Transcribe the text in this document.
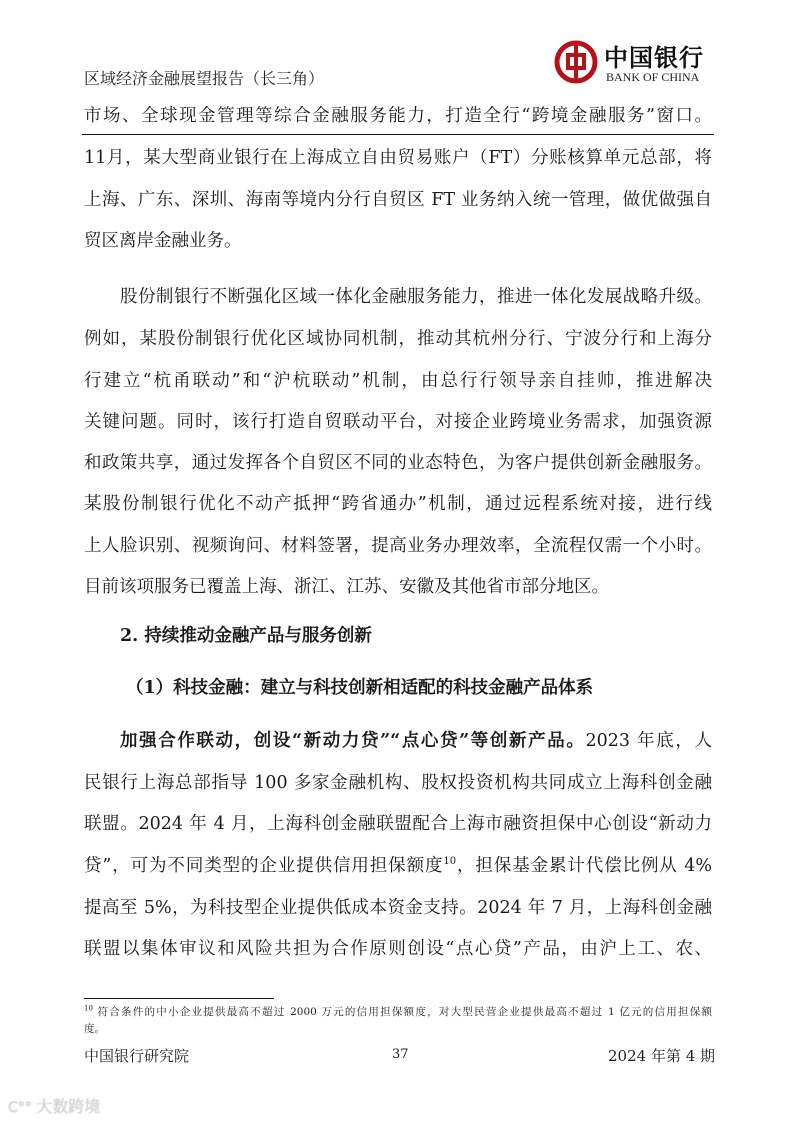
区域经济金融展望报告（长三角）
中国银行
BANK OF CHINA
市场、全球现金管理等综合金融服务能力，打造全行“跨境金融服务”窗口。
11月，某大型商业银行在上海成立自由贸易账户（FT）分账核算单元总部，将
上海、广东、深圳、海南等境内分行自贸区 FT 业务纳入统一管理，做优做强自
贸区离岸金融业务。
股份制银行不断强化区域一体化金融服务能力，推进一体化发展战略升级。
例如，某股份制银行优化区域协同机制，推动其杭州分行、宁波分行和上海分
行建立“杭甬联动”和“沪杭联动”机制，由总行行领导亲自挂帅，推进解决
关键问题。同时，该行打造自贸联动平台，对接企业跨境业务需求，加强资源
和政策共享，通过发挥各个自贸区不同的业态特色，为客户提供创新金融服务。
某股份制银行优化不动产抵押“跨省通办”机制，通过远程系统对接，进行线
上人脸识别、视频询问、材料签署，提高业务办理效率，全流程仅需一个小时。
目前该项服务已覆盖上海、浙江、江苏、安徽及其他省市部分地区。
2. 持续推动金融产品与服务创新
（1）科技金融：建立与科技创新相适配的科技金融产品体系
加强合作联动，创设“新动力贷”“点心贷”等创新产品。2023 年底，人
民银行上海总部指导 100 多家金融机构、股权投资机构共同成立上海科创金融
联盟。2024 年 4 月，上海科创金融联盟配合上海市融资担保中心创设“新动力
贷”，可为不同类型的企业提供信用担保额度$^{10}$，担保基金累计代偿比例从 4%
提高至 5%，为科技型企业提供低成本资金支持。2024 年 7 月，上海科创金融
联盟以集体审议和风险共担为合作原则创设“点心贷”产品，由沪上工、农、
$^{10}$ 符合条件的中小企业提供最高不超过 2000 万元的信用担保额度，对大型民营企业提供最高不超过 1 亿元的信用担保额
度。
中国银行研究院	37	2024 年第 4 期
C°° 大数跨境
